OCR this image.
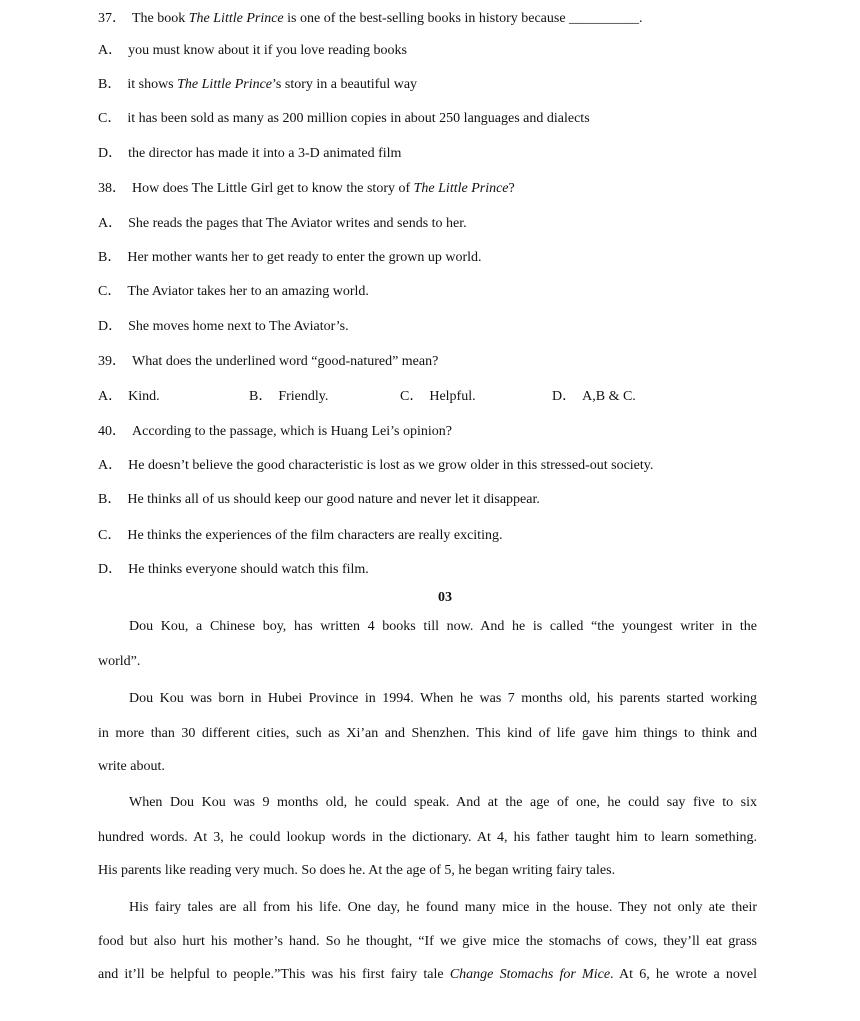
37． The book The Little Prince is one of the best-selling books in history because __________.
A． you must know about it if you love reading books
B． it shows The Little Prince’s story in a beautiful way
C． it has been sold as many as 200 million copies in about 250 languages and dialects
D． the director has made it into a 3-D animated film
38． How does The Little Girl get to know the story of The Little Prince?
A． She reads the pages that The Aviator writes and sends to her.
B． Her mother wants her to get ready to enter the grown up world.
C． The Aviator takes her to an amazing world.
D． She moves home next to The Aviator’s.
39． What does the underlined word “good-natured” mean?
A． Kind.	B． Friendly.	C． Helpful.	D． A,B & C.
40． According to the passage, which is Huang Lei’s opinion?
A． He doesn’t believe the good characteristic is lost as we grow older in this stressed-out society.
B． He thinks all of us should keep our good nature and never let it disappear.
C． He thinks the experiences of the film characters are really exciting.
D． He thinks everyone should watch this film.
03
Dou Kou, a Chinese boy, has written 4 books till now. And he is called “the youngest writer in the
world”.
Dou Kou was born in Hubei Province in 1994. When he was 7 months old, his parents started working
in more than 30 different cities, such as Xi’an and Shenzhen. This kind of life gave him things to think and
write about.
When Dou Kou was 9 months old, he could speak. And at the age of one, he could say five to six
hundred words. At 3, he could lookup words in the dictionary. At 4, his father taught him to learn something.
His parents like reading very much. So does he. At the age of 5, he began writing fairy tales.
His fairy tales are all from his life. One day, he found many mice in the house. They not only ate their
food but also hurt his mother’s hand. So he thought, “If we give mice the stomachs of cows, they’ll eat grass
and it’ll be helpful to people.”This was his first fairy tale Change Stomachs for Mice. At 6, he wrote a novel
